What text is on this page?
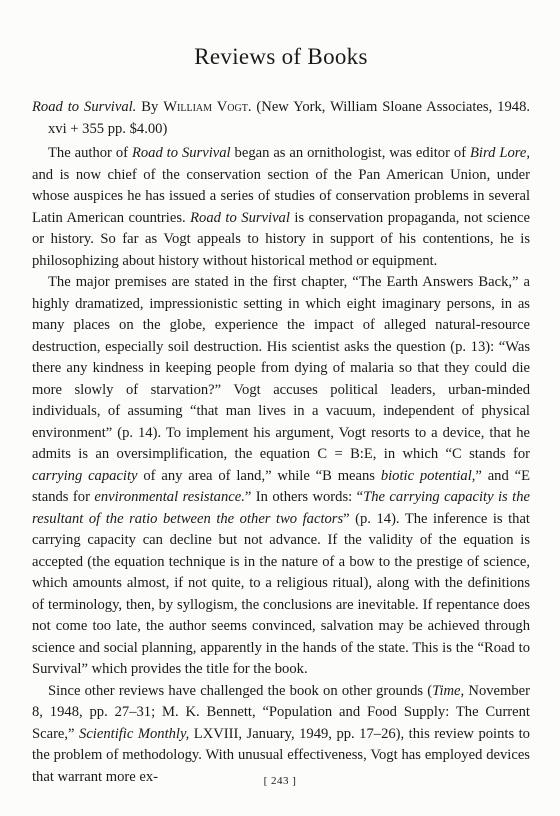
Reviews of Books

Road to Survival. By William Vogt. (New York, William Sloane Associates, 1948. xvi + 355 pp. $4.00)

The author of Road to Survival began as an ornithologist, was editor of Bird Lore, and is now chief of the conservation section of the Pan American Union, under whose auspices he has issued a series of studies of conservation problems in several Latin American countries. Road to Survival is conservation propaganda, not science or history. So far as Vogt appeals to history in support of his contentions, he is philosophizing about history without historical method or equipment.

The major premises are stated in the first chapter, “The Earth Answers Back,” a highly dramatized, impressionistic setting in which eight imaginary persons, in as many places on the globe, experience the impact of alleged natural-resource destruction, especially soil destruction. His scientist asks the question (p. 13): “Was there any kindness in keeping people from dying of malaria so that they could die more slowly of starvation?” Vogt accuses political leaders, urban-minded individuals, of assuming “that man lives in a vacuum, independent of physical environment” (p. 14). To implement his argument, Vogt resorts to a device, that he admits is an oversimplification, the equation C = B:E, in which “C stands for carrying capacity of any area of land,” while “B means biotic potential,” and “E stands for environmental resistance.” In others words: “The carrying capacity is the resultant of the ratio between the other two factors” (p. 14). The inference is that carrying capacity can decline but not advance. If the validity of the equation is accepted (the equation technique is in the nature of a bow to the prestige of science, which amounts almost, if not quite, to a religious ritual), along with the definitions of terminology, then, by syllogism, the conclusions are inevitable. If repentance does not come too late, the author seems convinced, salvation may be achieved through science and social planning, apparently in the hands of the state. This is the “Road to Survival” which provides the title for the book.

Since other reviews have challenged the book on other grounds (Time, November 8, 1948, pp. 27–31; M. K. Bennett, “Population and Food Supply: The Current Scare,” Scientific Monthly, LXVIII, January, 1949, pp. 17–26), this review points to the problem of methodology. With unusual effectiveness, Vogt has employed devices that warrant more ex-	[ 243 ]
